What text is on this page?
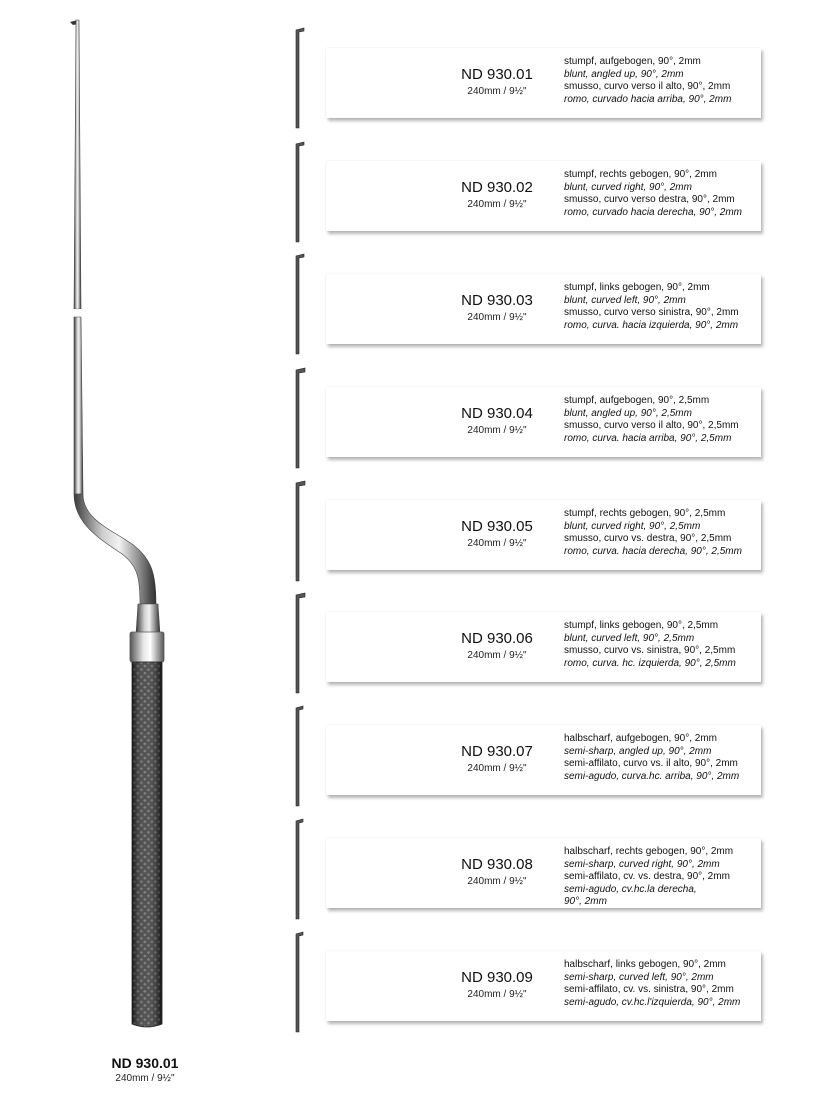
ND 930.01
240mm / 9½"
ND 930.01
240mm / 9½"
stumpf, aufgebogen, 90°, 2mm
blunt, angled up, 90°, 2mm
smusso, curvo verso il alto, 90°, 2mm
romo, curvado hacia arriba, 90°, 2mm
ND 930.02
240mm / 9½"
stumpf, rechts gebogen, 90°, 2mm
blunt, curved right, 90°, 2mm
smusso, curvo verso destra, 90°, 2mm
romo, curvado hacia derecha, 90°, 2mm
ND 930.03
240mm / 9½"
stumpf, links gebogen, 90°, 2mm
blunt, curved left, 90°, 2mm
smusso, curvo verso sinistra, 90°, 2mm
romo, curva. hacia izquierda, 90°, 2mm
ND 930.04
240mm / 9½"
stumpf, aufgebogen, 90°, 2,5mm
blunt, angled up, 90°, 2,5mm
smusso, curvo verso il alto, 90°, 2,5mm
romo, curva. hacia arriba, 90°, 2,5mm
ND 930.05
240mm / 9½"
stumpf, rechts gebogen, 90°, 2,5mm
blunt, curved right, 90°, 2,5mm
smusso, curvo vs. destra, 90°, 2,5mm
romo, curva. hacia derecha, 90°, 2,5mm
ND 930.06
240mm / 9½"
stumpf, links gebogen, 90°, 2,5mm
blunt, curved left, 90°, 2,5mm
smusso, curvo vs. sinistra, 90°, 2,5mm
romo, curva. hc. izquierda, 90°, 2,5mm
ND 930.07
240mm / 9½"
halbscharf, aufgebogen, 90°, 2mm
semi-sharp, angled up, 90°, 2mm
semi-affilato, curvo vs. il alto, 90°, 2mm
semi-agudo, curva.hc. arriba, 90°, 2mm
ND 930.08
240mm / 9½"
halbscharf, rechts gebogen, 90°, 2mm
semi-sharp, curved right, 90°, 2mm
semi-affilato, cv. vs. destra, 90°, 2mm
semi-agudo, cv.hc.la derecha, 90°, 2mm
ND 930.09
240mm / 9½"
halbscharf, links gebogen, 90°, 2mm
semi-sharp, curved left, 90°, 2mm
semi-affilato, cv. vs. sinistra, 90°, 2mm
semi-agudo, cv.hc.l'izquierda, 90°, 2mm
